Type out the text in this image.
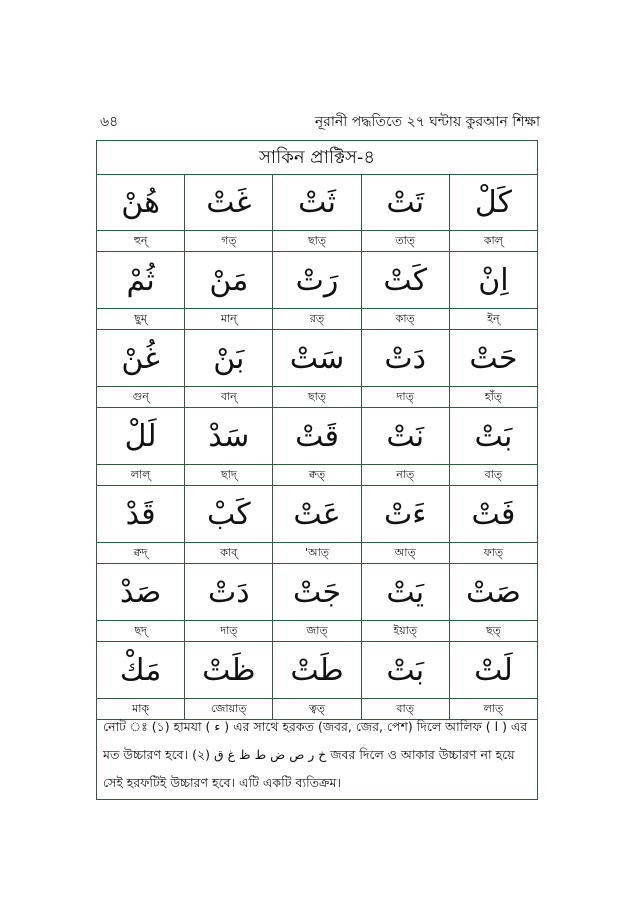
৬৪	নূরানী পদ্ধতিতে ২৭ ঘন্টায় কুরআন শিক্ষা
সাকিন প্রাক্টিস-৪
هُنْ
হুন্
غَتْ
গত্
ثَتْ
ছাত্
تَتْ
তাত্
كَلْ
কাল্
ثُمْ
ছুম্
مَنْ
মান্
رَتْ
রত্
كَتْ
কাত্
اِنْ
ইন্
غُنْ
গুন্
بَنْ
বান্
سَتْ
ছাত্
دَتْ
দাত্
حَتْ
হাঁত্
لَلْ
লাল্
سَدْ
ছাদ্
قَتْ
ক্বত্
نَتْ
নাত্
بَتْ
বাত্
قَدْ
ক্বদ্
كَبْ
কাব্
عَتْ
'আত্
ءَتْ
আত্
فَتْ
ফাত্
صَدْ
ছদ্
دَتْ
দাত্
جَتْ
জাত্
يَتْ
ইয়াত্
صَتْ
ছত্
مَكْ
মাক্
ظَتْ
জোয়াত্
طَتْ
ত্বত্
بَتْ
বাত্
لَتْ
লাত্
নোট ঃ (১) হামযা ( ء ) এর সাথে হরকত (জবর, জের, পেশ) দিলে আলিফ ( ا ) এর মত উচ্চারণ হবে। (২) خ ر ص ض ط ظ غ ق জবর দিলে ও আকার উচ্চারণ না হয়ে সেই হরফটিই উচ্চারণ হবে। এটি একটি ব্যতিক্রম।
